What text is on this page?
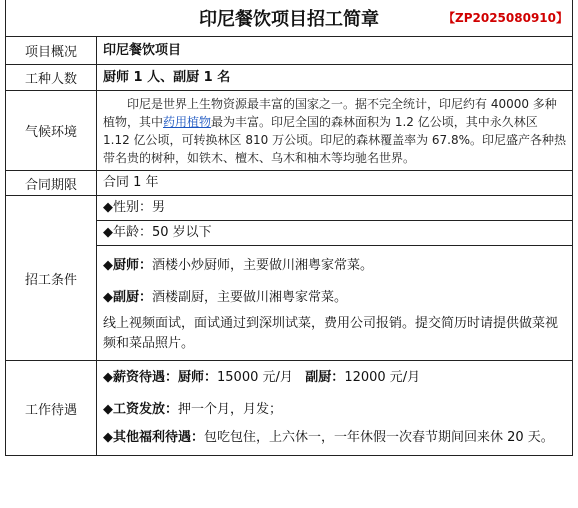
印尼餐饮项目招工简章 【ZP2025080910】	

项目概况	印尼餐饮项目
工种人数	厨师 1 人、副厨 1 名
气候环境	印尼是世界上生物资源最丰富的国家之一。据不完全统计，印尼约有 40000 多种植物，其中药用植物最为丰富。印尼全国的森林面积为 1.2 亿公顷，其中永久林区 1.12 亿公顷，可转换林区 810 万公顷。印尼的森林覆盖率为 67.8%。印尼盛产各种热带名贵的树种，如铁木、檀木、乌木和柚木等均驰名世界。

合同期限	合同 1 年
招工条件	◆性别：男
◆年龄：50 岁以下
◆厨师：酒楼小炒厨师，主要做川湘粤家常菜。
◆副厨：酒楼副厨，主要做川湘粤家常菜。
线上视频面试，面试通过到深圳试菜，费用公司报销。提交简历时请提供做菜视频和菜品照片。

工作待遇	◆薪资待遇：厨师：15000 元/月 副厨：12000 元/月
◆工资发放：押一个月，月发；
◆其他福利待遇：包吃包住，上六休一，一年休假一次春节期间回来休 20 天。
